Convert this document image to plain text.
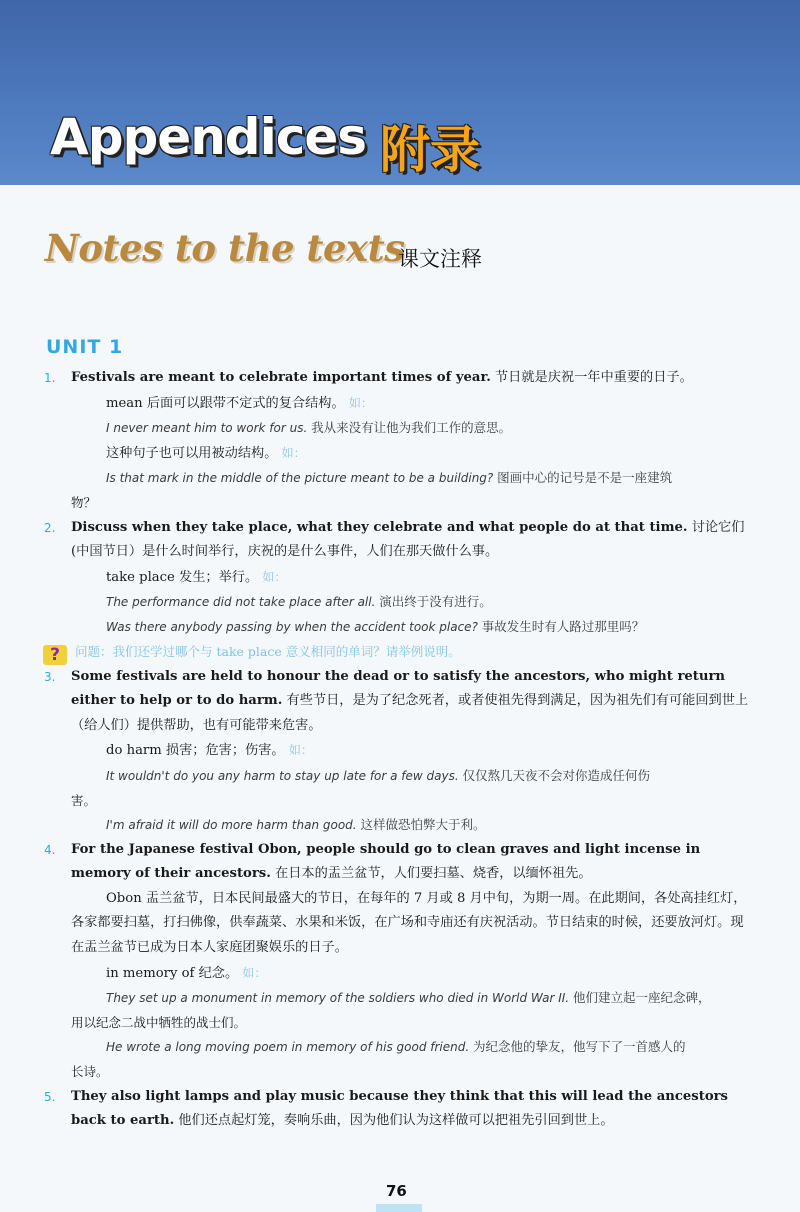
Appendices 附录
Notes to the texts
课文注释
UNIT 1
1. Festivals are meant to celebrate important times of year. 节日就是庆祝一年中重要的日子。
mean 后面可以跟带不定式的复合结构。 如：
I never meant him to work for us. 我从来没有让他为我们工作的意思。
这种句子也可以用被动结构。 如：
Is that mark in the middle of the picture meant to be a building? 图画中心的记号是不是一座建筑
物？
2. Discuss when they take place, what they celebrate and what people do at that time. 讨论它们(中国节日）是什么时间举行，庆祝的是什么事件，人们在那天做什么事。
take place 发生；举行。 如：
The performance did not take place after all. 演出终于没有进行。
Was there anybody passing by when the accident took place? 事故发生时有人路过那里吗？
? 问题：我们还学过哪个与 take place 意义相同的单词？请举例说明。
3. Some festivals are held to honour the dead or to satisfy the ancestors, who might return either to help or to do harm. 有些节日，是为了纪念死者，或者使祖先得到满足，因为祖先们有可能回到世上（给人们）提供帮助，也有可能带来危害。
do harm 损害；危害；伤害。 如：
It wouldn't do you any harm to stay up late for a few days. 仅仅熬几天夜不会对你造成任何伤
害。
I'm afraid it will do more harm than good. 这样做恐怕弊大于利。
4. For the Japanese festival Obon, people should go to clean graves and light incense in memory of their ancestors. 在日本的盂兰盆节，人们要扫墓、烧香，以缅怀祖先。
Obon 盂兰盆节，日本民间最盛大的节日，在每年的 7 月或 8 月中旬，为期一周。在此期间，各处高挂红灯，各家都要扫墓，打扫佛像，供奉蔬菜、水果和米饭，在广场和寺庙还有庆祝活动。节日结束的时候，还要放河灯。现在盂兰盆节已成为日本人家庭团聚娱乐的日子。
in memory of 纪念。 如：
They set up a monument in memory of the soldiers who died in World War II. 他们建立起一座纪念碑，
用以纪念二战中牺牲的战士们。
He wrote a long moving poem in memory of his good friend. 为纪念他的挚友，他写下了一首感人的
长诗。
5. They also light lamps and play music because they think that this will lead the ancestors back to earth. 他们还点起灯笼，奏响乐曲，因为他们认为这样做可以把祖先引回到世上。
76
